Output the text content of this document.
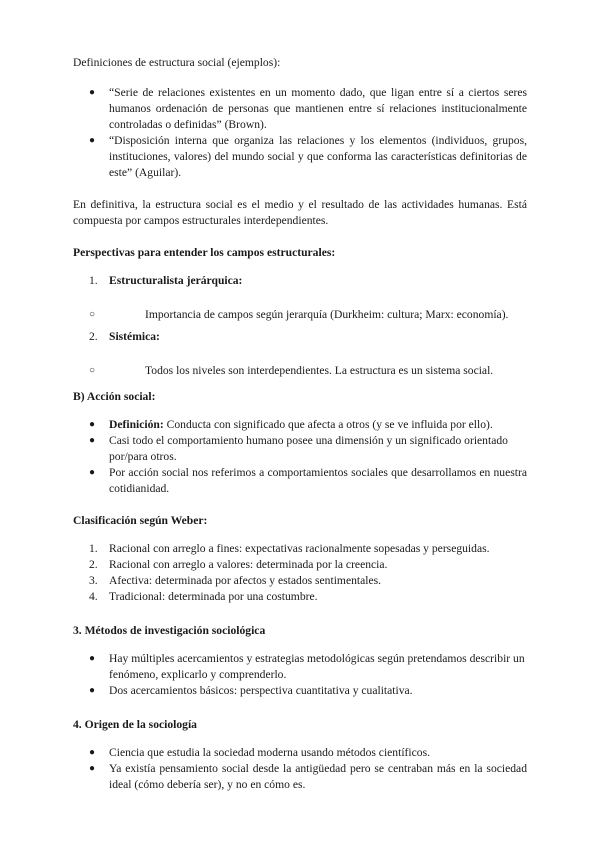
Definiciones de estructura social (ejemplos):

●	“Serie de relaciones existentes en un momento dado, que ligan entre sí a ciertos seres humanos ordenación de personas que mantienen entre sí relaciones institucionalmente controladas o definidas” (Brown).
●	“Disposición interna que organiza las relaciones y los elementos (individuos, grupos, instituciones, valores) del mundo social y que conforma las características definitorias de este” (Aguilar).

En definitiva, la estructura social es el medio y el resultado de las actividades humanas. Está compuesta por campos estructurales interdependientes.

Perspectivas para entender los campos estructurales:

1. Estructuralista jerárquica:
○	Importancia de campos según jerarquía (Durkheim: cultura; Marx: economía).
2. Sistémica:
○	Todos los niveles son interdependientes. La estructura es un sistema social.

B) Acción social:

●	Definición: Conducta con significado que afecta a otros (y se ve influida por ello).
●	Casi todo el comportamiento humano posee una dimensión y un significado orientado por/para otros.
●	Por acción social nos referimos a comportamientos sociales que desarrollamos en nuestra cotidianidad.

Clasificación según Weber:

1. Racional con arreglo a fines: expectativas racionalmente sopesadas y perseguidas.
2. Racional con arreglo a valores: determinada por la creencia.
3. Afectiva: determinada por afectos y estados sentimentales.
4. Tradicional: determinada por una costumbre.

3. Métodos de investigación sociológica

●	Hay múltiples acercamientos y estrategias metodológicas según pretendamos describir un fenómeno, explicarlo y comprenderlo.
●	Dos acercamientos básicos: perspectiva cuantitativa y cualitativa.

4. Origen de la sociología

●	Ciencia que estudia la sociedad moderna usando métodos científicos.
●	Ya existía pensamiento social desde la antigüedad pero se centraban más en la sociedad ideal (cómo debería ser), y no en cómo es.
